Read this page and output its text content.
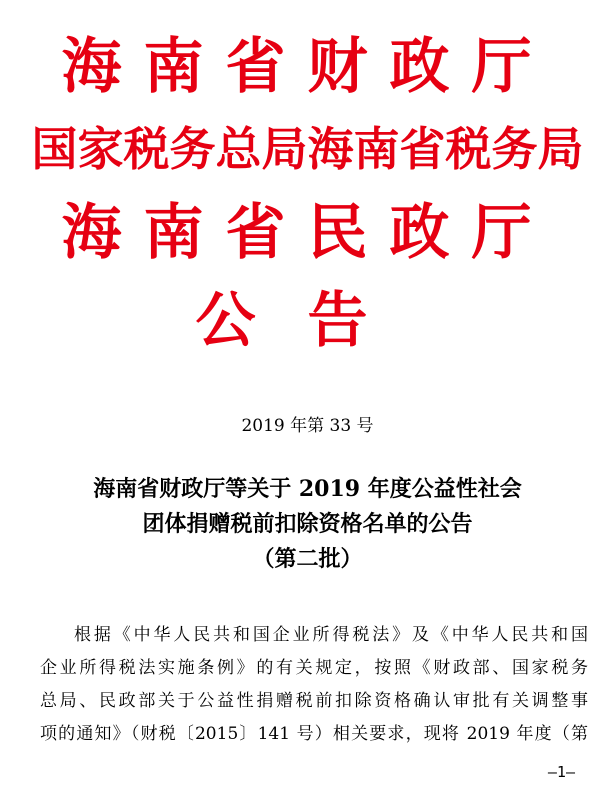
海南省财政厅
国家税务总局海南省税务局
海南省民政厅
公告
2019 年第 33 号
海南省财政厅等关于 2019 年度公益性社会
团体捐赠税前扣除资格名单的公告
（第二批）
根据《中华人民共和国企业所得税法》及《中华人民共和国
企业所得税法实施条例》的有关规定，按照《财政部、国家税务
总局、民政部关于公益性捐赠税前扣除资格确认审批有关调整事
项的通知》（财税〔2015〕141 号）相关要求，现将 2019 年度（第
—1—
